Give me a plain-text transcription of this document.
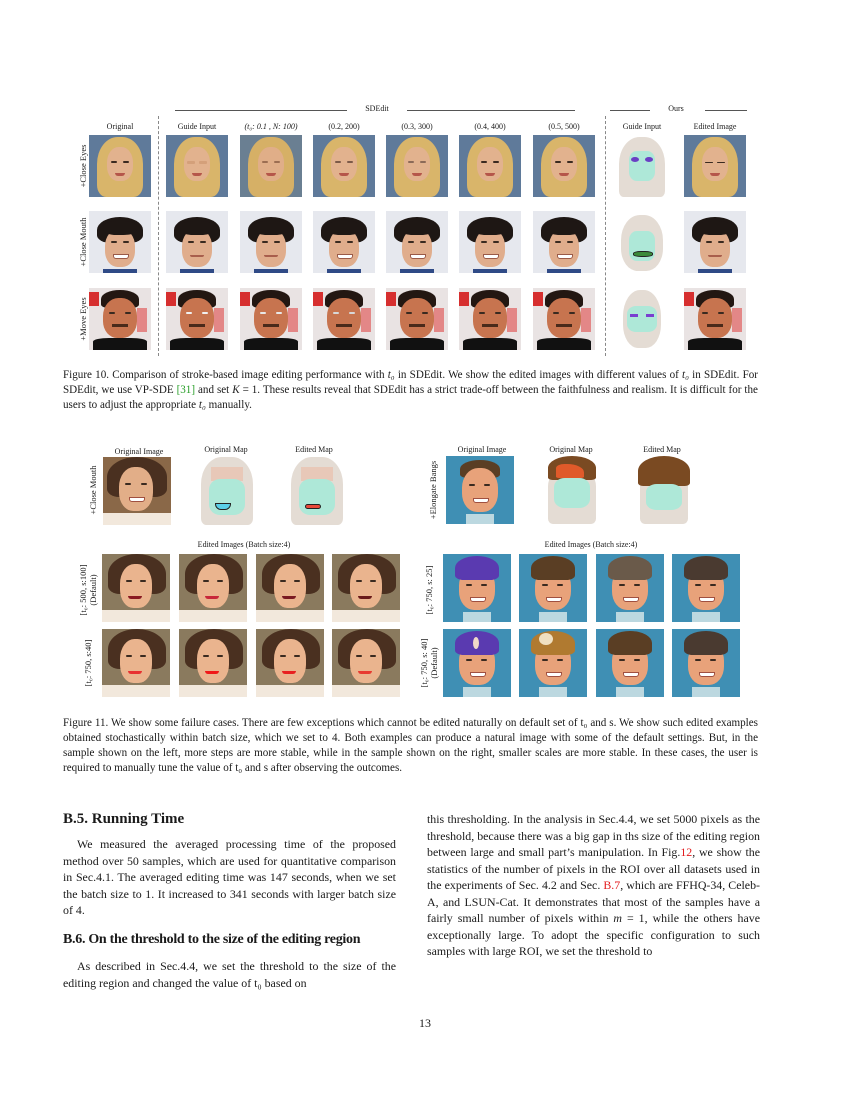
SDEdit	Ours
Original	Guide Input	(t₀: 0.1 , N: 100)	(0.2, 200)	(0.3, 300)	(0.4, 400)	(0.5, 500)	Guide Input	Edited Image
+Close Eyes
+Close Mouth
+Move Eyes
Figure 10. Comparison of stroke-based image editing performance with t₀ in SDEdit. We show the edited images with different values of t₀ in SDEdit. For SDEdit, we use VP-SDE [31] and set K = 1. These results reveal that SDEdit has a strict trade-off between the faithfulness and realism. It is difficult for the users to adjust the appropriate t₀ manually.
Original Image	Original Map	Edited Map
+Close Mouth
Edited Images (Batch size:4)
[t₀: 500, s:100]
(Default)
[t₀: 750, s:40]
Original Image	Original Map	Edited Map
+Elongate Bangs
Edited Images (Batch size:4)
[t₀: 750, s: 25]
[t₀: 750, s: 40]
(Default)
Figure 11. We show some failure cases. There are few exceptions which cannot be edited naturally on default set of t₀ and s. We show such edited examples obtained stochastically within batch size, which we set to 4. Both examples can produce a natural image with some of the default settings. But, in the sample shown on the left, more steps are more stable, while in the sample shown on the right, smaller scales are more stable. In these cases, the user is required to manually tune the value of t₀ and s after observing the outcomes.
B.5. Running Time
We measured the averaged processing time of the proposed method over 50 samples, which are used for quantitative comparison in Sec.4.1. The averaged editing time was 147 seconds, when we set the batch size to 1. It increased to 341 seconds with larger batch size of 4.
B.6. On the threshold to the size of the editing region
As described in Sec.4.4, we set the threshold to the size of the editing region and changed the value of t₀ based on
this thresholding. In the analysis in Sec.4.4, we set 5000 pixels as the threshold, because there was a big gap in ths size of the editing region between large and small part’s manipulation. In Fig.12, we show the statistics of the number of pixels in the ROI over all datasets used in the experiments of Sec. 4.2 and Sec. B.7, which are FFHQ-34, Celeb-A, and LSUN-Cat. It demonstrates that most of the samples have a fairly small number of pixels within m = 1, while the others have exceptionally large. To adopt the specific configuration to such samples with large ROI, we set the threshold to
13
